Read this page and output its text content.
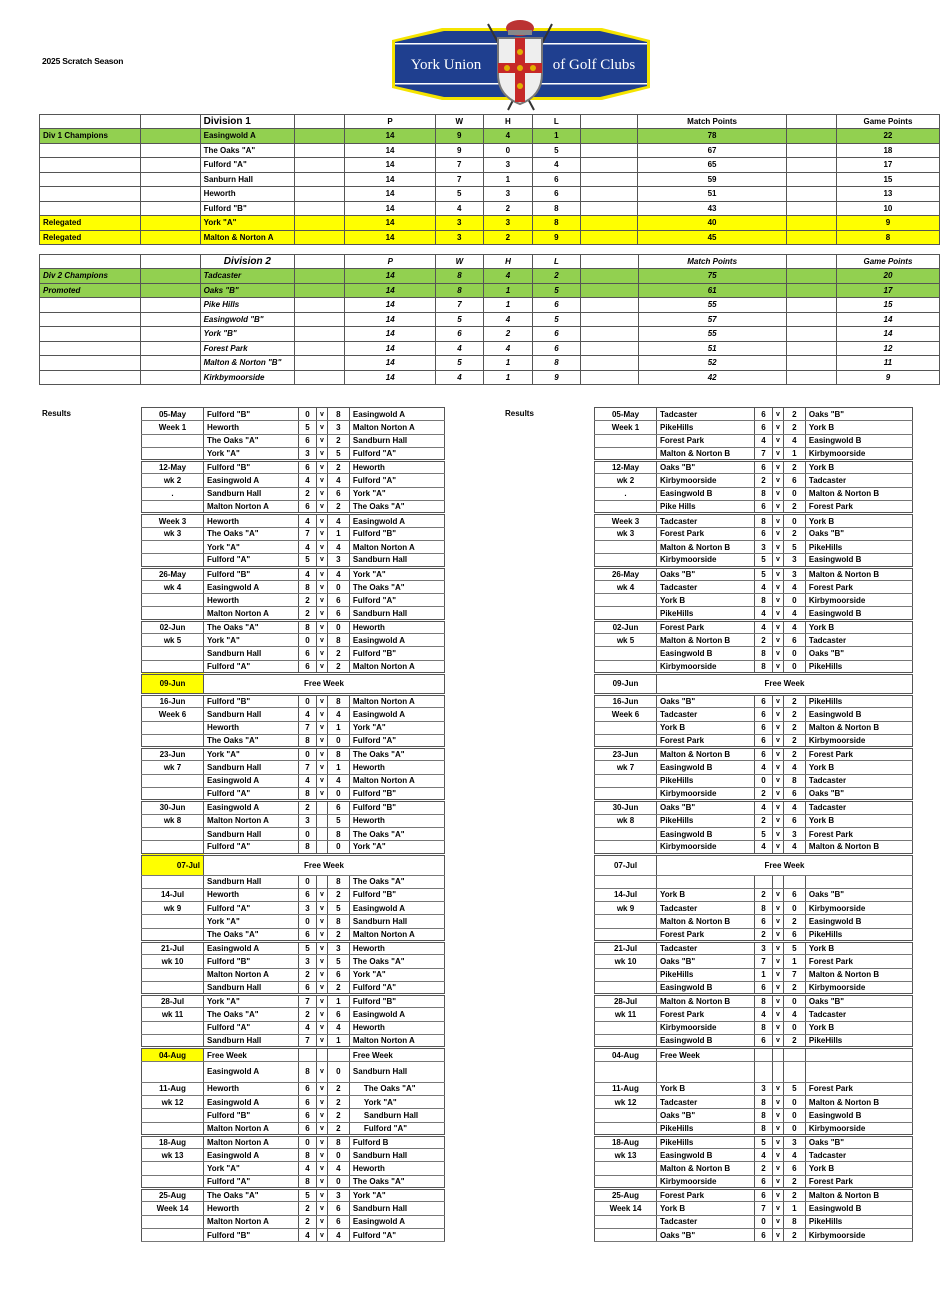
2025 Scratch Season	York Union	of Golf Clubs
		Division 1		P	W	H	L		Match Points		Game Points
Div 1 Champions		Easingwold A		14	9	4	1		78		22
		The Oaks "A"		14	9	0	5		67		18
		Fulford "A"		14	7	3	4		65		17
		Sanburn Hall		14	7	1	6		59		15
		Heworth		14	5	3	6		51		13
		Fulford "B"		14	4	2	8		43		10
Relegated		York "A"		14	3	3	8		40		9
Relegated		Malton & Norton A		14	3	2	9		45		8
		Division 2		P	W	H	L		Match Points		Game Points
Div 2 Champions		Tadcaster		14	8	4	2		75		20
Promoted		Oaks "B"		14	8	1	5		61		17
		Pike Hills		14	7	1	6		55		15
		Easingwold "B"		14	5	4	5		57		14
		York "B"		14	6	2	6		55		14
		Forest Park		14	4	4	6		51		12
		Malton & Norton "B"		14	5	1	8		52		11
		Kirkbymoorside		14	4	1	9		42		9
Results	Results
05-May	Fulford "B"	0	v	8	Easingwold A
Week 1	Heworth	5	v	3	Malton Norton A
	The Oaks "A"	6	v	2	Sandburn Hall
	York "A"	3	v	5	Fulford "A"
12-May	Fulford "B"	6	v	2	Heworth
wk 2	Easingwold A	4	v	4	Fulford "A"
.	Sandburn Hall	2	v	6	York "A"
	Malton Norton A	6	v	2	The Oaks "A"
Week 3	Heworth	4	v	4	Easingwold A
wk 3	The Oaks "A"	7	v	1	Fulford "B"
	York "A"	4	v	4	Malton Norton A
	Fulford "A"	5	v	3	Sandburn Hall
26-May	Fulford "B"	4	v	4	York "A"
wk 4	Easingwold A	8	v	0	The Oaks "A"
	Heworth	2	v	6	Fulford "A"
	Malton Norton A	2	v	6	Sandburn Hall
02-Jun	The Oaks "A"	8	v	0	Heworth
wk 5	York "A"	0	v	8	Easingwold A
	Sandburn Hall	6	v	2	Fulford "B"
	Fulford "A"	6	v	2	Malton Norton A
09-Jun	Free Week				
16-Jun	Fulford "B"	0	v	8	Malton Norton A
Week 6	Sandburn Hall	4	v	4	Easingwold A
	Heworth	7	v	1	York "A"
	The Oaks "A"	8	v	0	Fulford "A"
23-Jun	York "A"	0	v	8	The Oaks "A"
wk 7	Sandburn Hall	7	v	1	Heworth
	Easingwold A	4	v	4	Malton Norton A
	Fulford "A"	8	v	0	Fulford "B"
30-Jun	Easingwold A	2		6	Fulford "B"
wk 8	Malton Norton A	3		5	Heworth
	Sandburn Hall	0		8	The Oaks "A"
	Fulford "A"	8		0	York "A"
07-Jul	Free Week				
	Sandburn Hall	0		8	The Oaks "A"
14-Jul	Heworth	6	v	2	Fulford "B"
wk 9	Fulford "A"	3	v	5	Easingwold A
	York "A"	0	v	8	Sandburn Hall
	The Oaks "A"	6	v	2	Malton Norton A
21-Jul	Easingwold A	5	v	3	Heworth
wk 10	Fulford "B"	3	v	5	The Oaks "A"
	Malton Norton A	2	v	6	York "A"
	Sandburn Hall	6	v	2	Fulford "A"
28-Jul	York "A"	7	v	1	Fulford "B"
wk 11	The Oaks "A"	2	v	6	Easingwold A
	Fulford "A"	4	v	4	Heworth
	Sandburn Hall	7	v	1	Malton Norton A
04-Aug	Free Week				Free Week
	Easingwold A	8	v	0	Sandburn Hall
11-Aug	Heworth	6	v	2	The Oaks "A"
wk 12	Easingwold A	6	v	2	York "A"
	Fulford "B"	6	v	2	Sandburn Hall
	Malton Norton A	6	v	2	Fulford "A"
18-Aug	Malton Norton A	0	v	8	Fulford B
wk 13	Easingwold A	8	v	0	Sandburn Hall
	York "A"	4	v	4	Heworth
	Fulford "A"	8	v	0	The Oaks "A"
25-Aug	The Oaks "A"	5	v	3	York "A"
Week 14	Heworth	2	v	6	Sandburn Hall
	Malton Norton A	2	v	6	Easingwold A
	Fulford "B"	4	v	4	Fulford "A"
05-May	Tadcaster	6	v	2	Oaks "B"
Week 1	PikeHills	6	v	2	York B
	Forest Park	4	v	4	Easingwold B
	Malton & Norton B	7	v	1	Kirbymoorside
12-May	Oaks "B"	6	v	2	York B
wk 2	Kirbymoorside	2	v	6	Tadcaster
.	Easingwold B	8	v	0	Malton & Norton B
	Pike Hills	6	v	2	Forest Park
Week 3	Tadcaster	8	v	0	York B
wk 3	Forest Park	6	v	2	Oaks "B"
	Malton & Norton B	3	v	5	PikeHills
	Kirbymoorside	5	v	3	Easingwold B
26-May	Oaks "B"	5	v	3	Malton & Norton B
wk 4	Tadcaster	4	v	4	Forest Park
	York B	8	v	0	Kirbymoorside
	PikeHills	4	v	4	Easingwold B
02-Jun	Forest Park	4	v	4	York B
wk 5	Malton & Norton B	2	v	6	Tadcaster
	Easingwold B	8	v	0	Oaks "B"
	Kirbymoorside	8	v	0	PikeHills
09-Jun	Free Week				
16-Jun	Oaks "B"	6	v	2	PikeHills
Week 6	Tadcaster	6	v	2	Easingwold B
	York B	6	v	2	Malton & Norton B
	Forest Park	6	v	2	Kirbymoorside
23-Jun	Malton & Norton B	6	v	2	Forest Park
wk 7	Easingwold B	4	v	4	York B
	PikeHills	0	v	8	Tadcaster
	Kirbymoorside	2	v	6	Oaks "B"
30-Jun	Oaks "B"	4	v	4	Tadcaster
wk 8	PikeHills	2	v	6	York B
	Easingwold B	5	v	3	Forest Park
	Kirbymoorside	4	v	4	Malton & Norton B
07-Jul	Free Week				

14-Jul	York B	2	v	6	Oaks "B"
wk 9	Tadcaster	8	v	0	Kirbymoorside
	Malton & Norton B	6	v	2	Easingwold B
	Forest Park	2	v	6	PikeHills
21-Jul	Tadcaster	3	v	5	York B
wk 10	Oaks "B"	7	v	1	Forest Park
	PikeHills	1	v	7	Malton & Norton B
	Easingwold B	6	v	2	Kirbymoorside
28-Jul	Malton & Norton B	8	v	0	Oaks "B"
wk 11	Forest Park	4	v	4	Tadcaster
	Kirbymoorside	8	v	0	York B
	Easingwold B	6	v	2	PikeHills
04-Aug	Free Week				

11-Aug	York B	3	v	5	Forest Park
wk 12	Tadcaster	8	v	0	Malton & Norton B
	Oaks "B"	8	v	0	Easingwold B
	PikeHills	8	v	0	Kirbymoorside
18-Aug	PikeHills	5	v	3	Oaks "B"
wk 13	Easingwold B	4	v	4	Tadcaster
	Malton & Norton B	2	v	6	York B
	Kirbymoorside	6	v	2	Forest Park
25-Aug	Forest Park	6	v	2	Malton & Norton B
Week 14	York B	7	v	1	Easingwold B
	Tadcaster	0	v	8	PikeHills
	Oaks "B"	6	v	2	Kirbymoorside
